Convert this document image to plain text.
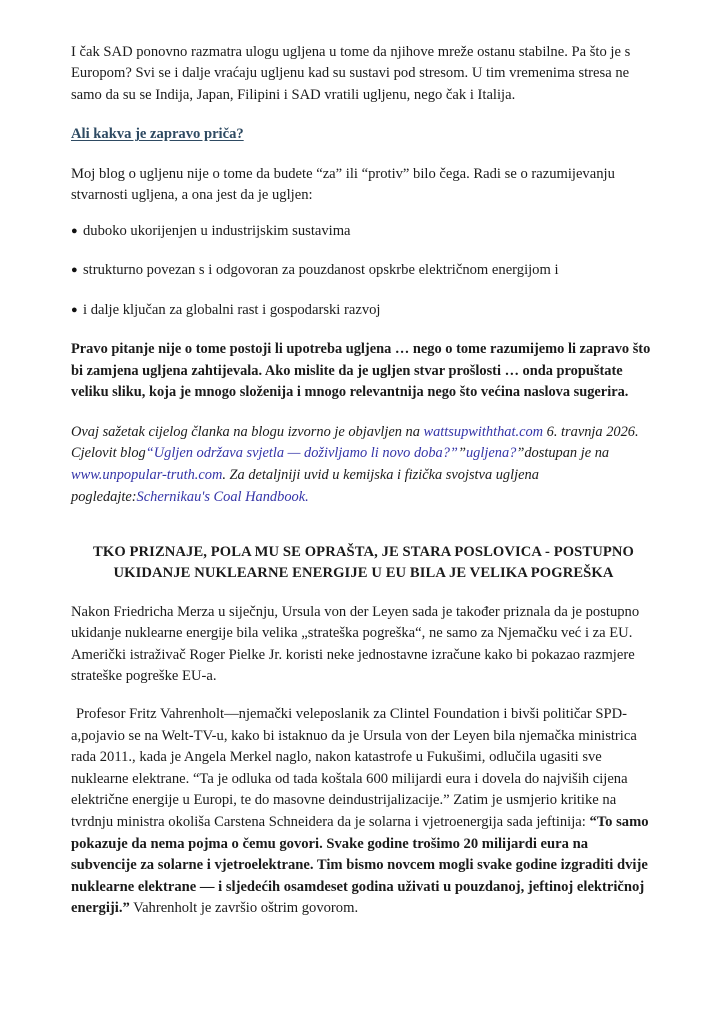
I čak SAD ponovno razmatra ulogu ugljena u tome da njihove mreže ostanu stabilne. Pa što je s Europom? Svi se i dalje vraćaju ugljenu kad su sustavi pod stresom. U tim vremenima stresa ne samo da su se Indija, Japan, Filipini i SAD vratili ugljenu, nego čak i Italija.

Ali kakva je zapravo priča?

Moj blog o ugljenu nije o tome da budete “za” ili “protiv” bilo čega. Radi se o razumijevanju stvarnosti ugljena, a ona jest da je ugljen:

● duboko ukorijenjen u industrijskim sustavima
● strukturno povezan s i odgovoran za pouzdanost opskrbe električnom energijom i
● i dalje ključan za globalni rast i gospodarski razvoj

Pravo pitanje nije o tome postoji li upotreba ugljena … nego o tome razumijemo li zapravo što bi zamjena ugljena zahtijevala. Ako mislite da je ugljen stvar prošlosti … onda propuštate veliku sliku, koja je mnogo složenija i mnogo relevantnija nego što većina naslova sugerira.

Ovaj sažetak cijelog članka na blogu izvorno je objavljen na wattsupwiththat.com 6. travnja 2026. Cjelovit blog“Ugljen održava svjetla — doživljamo li novo doba?””ugljena?”dostupan je na www.unpopular-truth.com. Za detaljniji uvid u kemijska i fizička svojstva ugljena pogledajte:Schernikau's Coal Handbook.

TKO PRIZNAJE, POLA MU SE OPRAŠTA, JE STARA POSLOVICA - POSTUPNO UKIDANJE NUKLEARNE ENERGIJE U EU BILA JE VELIKA POGREŠKA

Nakon Friedricha Merza u siječnju, Ursula von der Leyen sada je također priznala da je postupno ukidanje nuklearne energije bila velika „strateška pogreška“, ne samo za Njemačku već i za EU. Američki istraživač Roger Pielke Jr. koristi neke jednostavne izračune kako bi pokazao razmjere strateške pogreške EU-a.

Profesor Fritz Vahrenholt—njemački veleposlanik za Clintel Foundation i bivši političar SPD-a,pojavio se na Welt-TV-u, kako bi istaknuo da je Ursula von der Leyen bila njemačka ministrica rada 2011., kada je Angela Merkel naglo, nakon katastrofe u Fukušimi, odlučila ugasiti sve nuklearne elektrane. “Ta je odluka od tada koštala 600 milijardi eura i dovela do najviših cijena električne energije u Europi, te do masovne deindustrijalizacije.” Zatim je usmjerio kritike na tvrdnju ministra okoliša Carstena Schneidera da je solarna i vjetroenergija sada jeftinija: “To samo pokazuje da nema pojma o čemu govori. Svake godine trošimo 20 milijardi eura na subvencije za solarne i vjetroelektrane. Tim bismo novcem mogli svake godine izgraditi dvije nuklearne elektrane — i sljedećih osamdeset godina uživati u pouzdanoj, jeftinoj električnoj energiji.” Vahrenholt je završio oštrim govorom.
